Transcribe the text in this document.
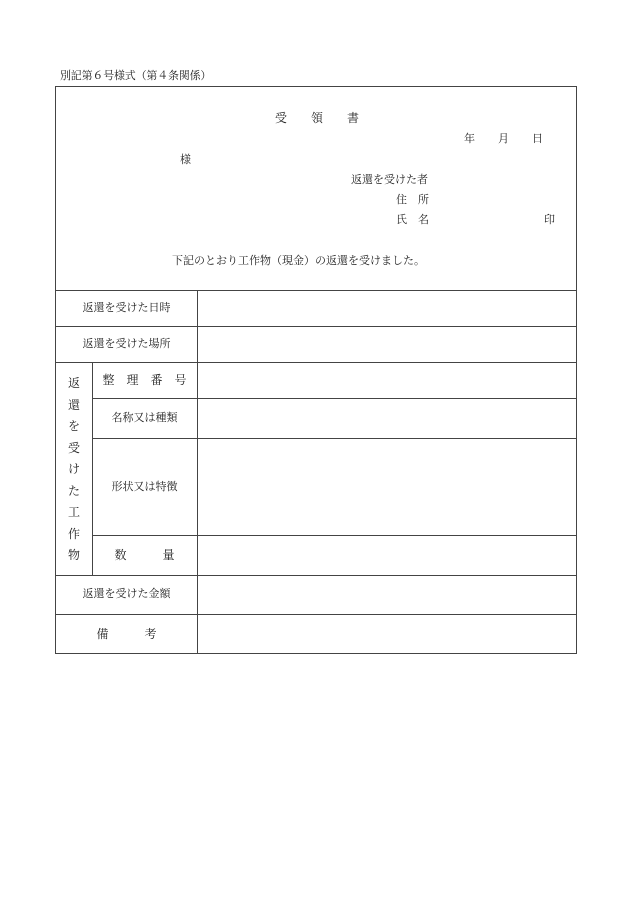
別記第６号様式（第４条関係）
受　　領　　書
年 月 日
様
返還を受けた者
住　所
氏　名	印
下記のとおり工作物（現金）の返還を受けました。
返還を受けた日時
返還を受けた場所
返
還
を
受
け
た
工
作
物
整　理　番　号
名称又は種類
形状又は特徴
数　　　量
返還を受けた金額
備　　　考
